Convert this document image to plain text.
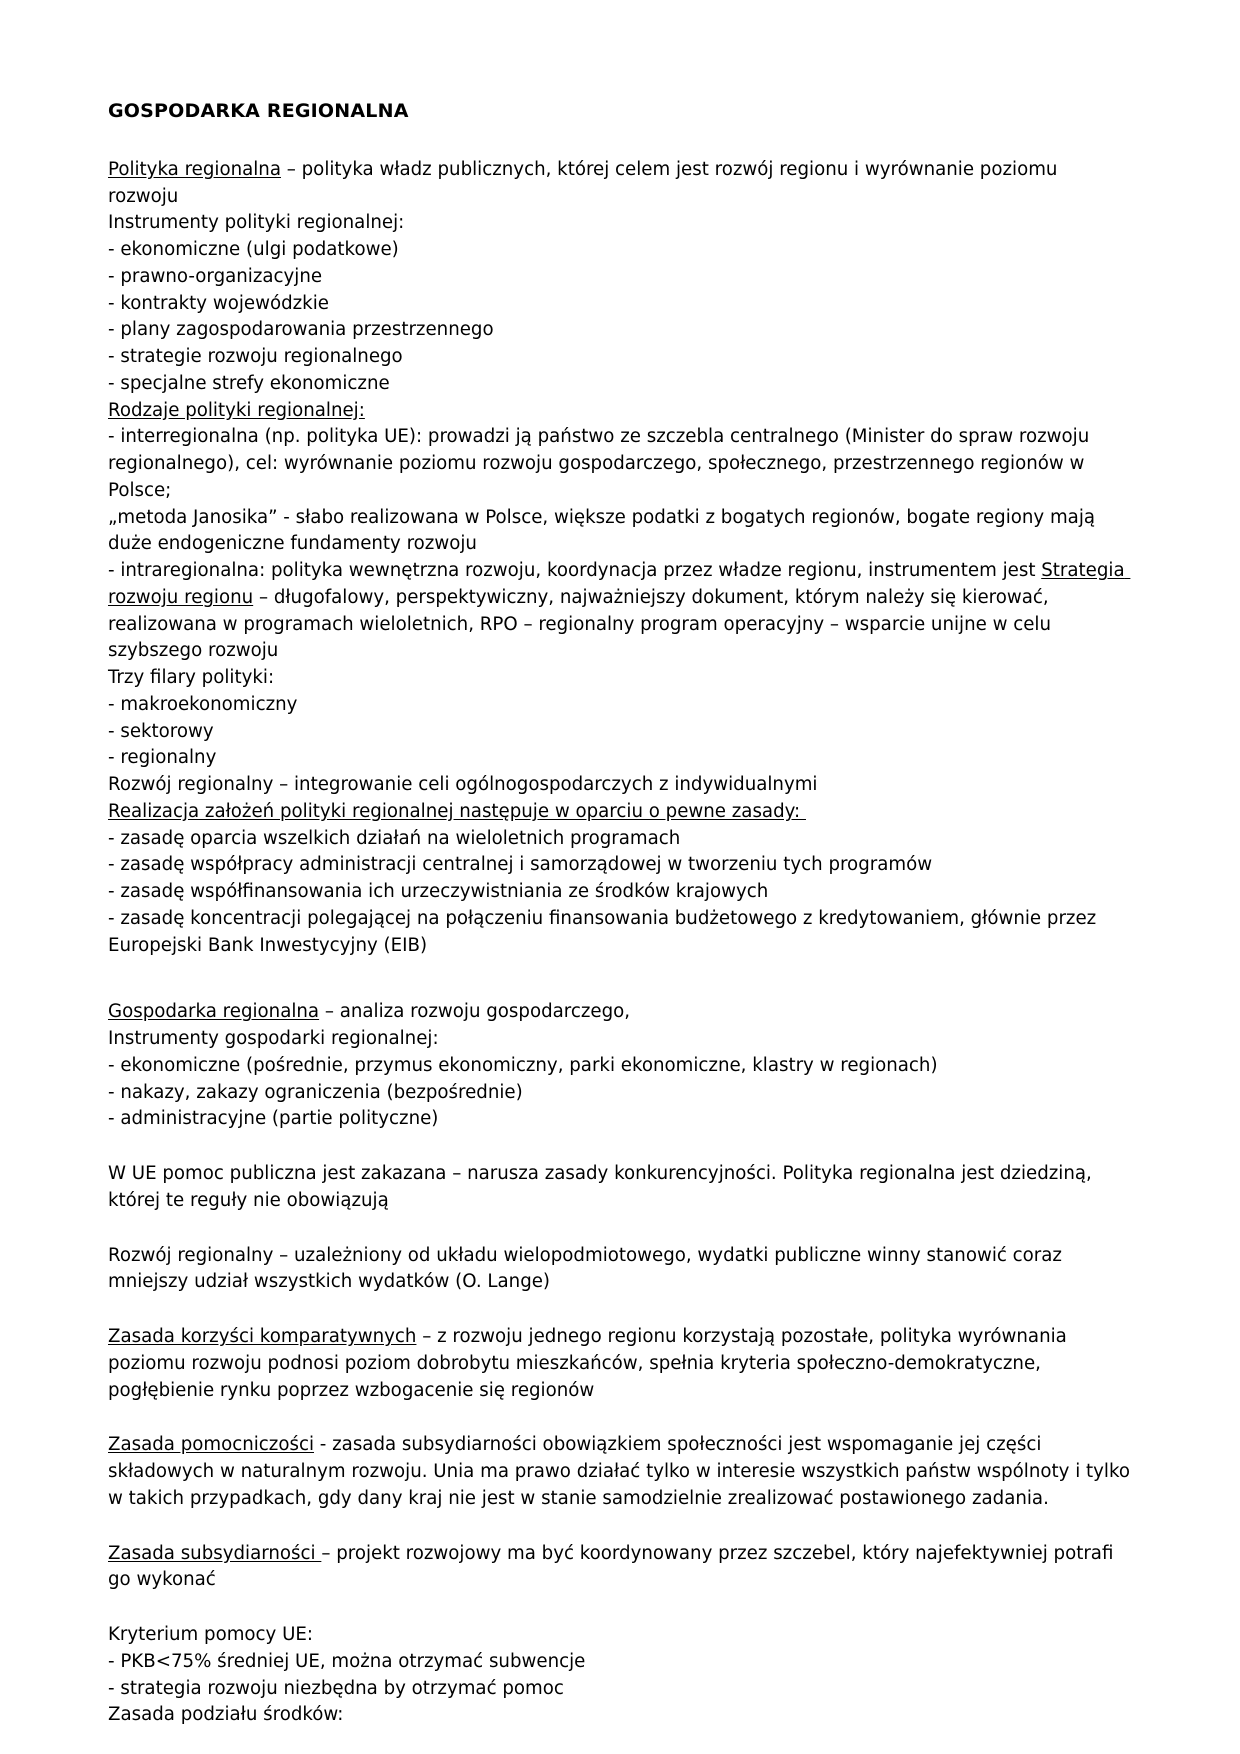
GOSPODARKA REGIONALNA

Polityka regionalna – polityka władz publicznych, której celem jest rozwój regionu i wyrównanie poziomu rozwoju

Instrumenty polityki regionalnej:

- ekonomiczne (ulgi podatkowe)

- prawno-organizacyjne

- kontrakty wojewódzkie

- plany zagospodarowania przestrzennego

- strategie rozwoju regionalnego

- specjalne strefy ekonomiczne

Rodzaje polityki regionalnej:

- interregionalna (np. polityka UE): prowadzi ją państwo ze szczebla centralnego (Minister do spraw rozwoju regionalnego), cel: wyrównanie poziomu rozwoju gospodarczego, społecznego, przestrzennego regionów w Polsce;

„metoda Janosika” - słabo realizowana w Polsce, większe podatki z bogatych regionów, bogate regiony mają duże endogeniczne fundamenty rozwoju

- intraregionalna: polityka wewnętrzna rozwoju, koordynacja przez władze regionu, instrumentem jest Strategia rozwoju regionu – długofalowy, perspektywiczny, najważniejszy dokument, którym należy się kierować, realizowana w programach wieloletnich, RPO – regionalny program operacyjny – wsparcie unijne w celu szybszego rozwoju

Trzy filary polityki:

- makroekonomiczny

- sektorowy

- regionalny

Rozwój regionalny – integrowanie celi ogólnogospodarczych z indywidualnymi

Realizacja założeń polityki regionalnej następuje w oparciu o pewne zasady:

- zasadę oparcia wszelkich działań na wieloletnich programach

- zasadę współpracy administracji centralnej i samorządowej w tworzeniu tych programów

- zasadę współfinansowania ich urzeczywistniania ze środków krajowych

- zasadę koncentracji polegającej na połączeniu finansowania budżetowego z kredytowaniem, głównie przez Europejski Bank Inwestycyjny (EIB)

Gospodarka regionalna – analiza rozwoju gospodarczego,

Instrumenty gospodarki regionalnej:

- ekonomiczne (pośrednie, przymus ekonomiczny, parki ekonomiczne, klastry w regionach)

- nakazy, zakazy ograniczenia (bezpośrednie)

- administracyjne (partie polityczne)

W UE pomoc publiczna jest zakazana – narusza zasady konkurencyjności. Polityka regionalna jest dziedziną, której te reguły nie obowiązują

Rozwój regionalny – uzależniony od układu wielopodmiotowego, wydatki publiczne winny stanowić coraz mniejszy udział wszystkich wydatków (O. Lange)

Zasada korzyści komparatywnych – z rozwoju jednego regionu korzystają pozostałe, polityka wyrównania poziomu rozwoju podnosi poziom dobrobytu mieszkańców, spełnia kryteria społeczno-demokratyczne, pogłębienie rynku poprzez wzbogacenie się regionów

Zasada pomocniczości - zasada subsydiarności obowiązkiem społeczności jest wspomaganie jej części składowych w naturalnym rozwoju. Unia ma prawo działać tylko w interesie wszystkich państw wspólnoty i tylko w takich przypadkach, gdy dany kraj nie jest w stanie samodzielnie zrealizować postawionego zadania.

Zasada subsydiarności – projekt rozwojowy ma być koordynowany przez szczebel, który najefektywniej potrafi go wykonać

Kryterium pomocy UE:

- PKB<75% średniej UE, można otrzymać subwencje

- strategia rozwoju niezbędna by otrzymać pomoc

Zasada podziału środków:
